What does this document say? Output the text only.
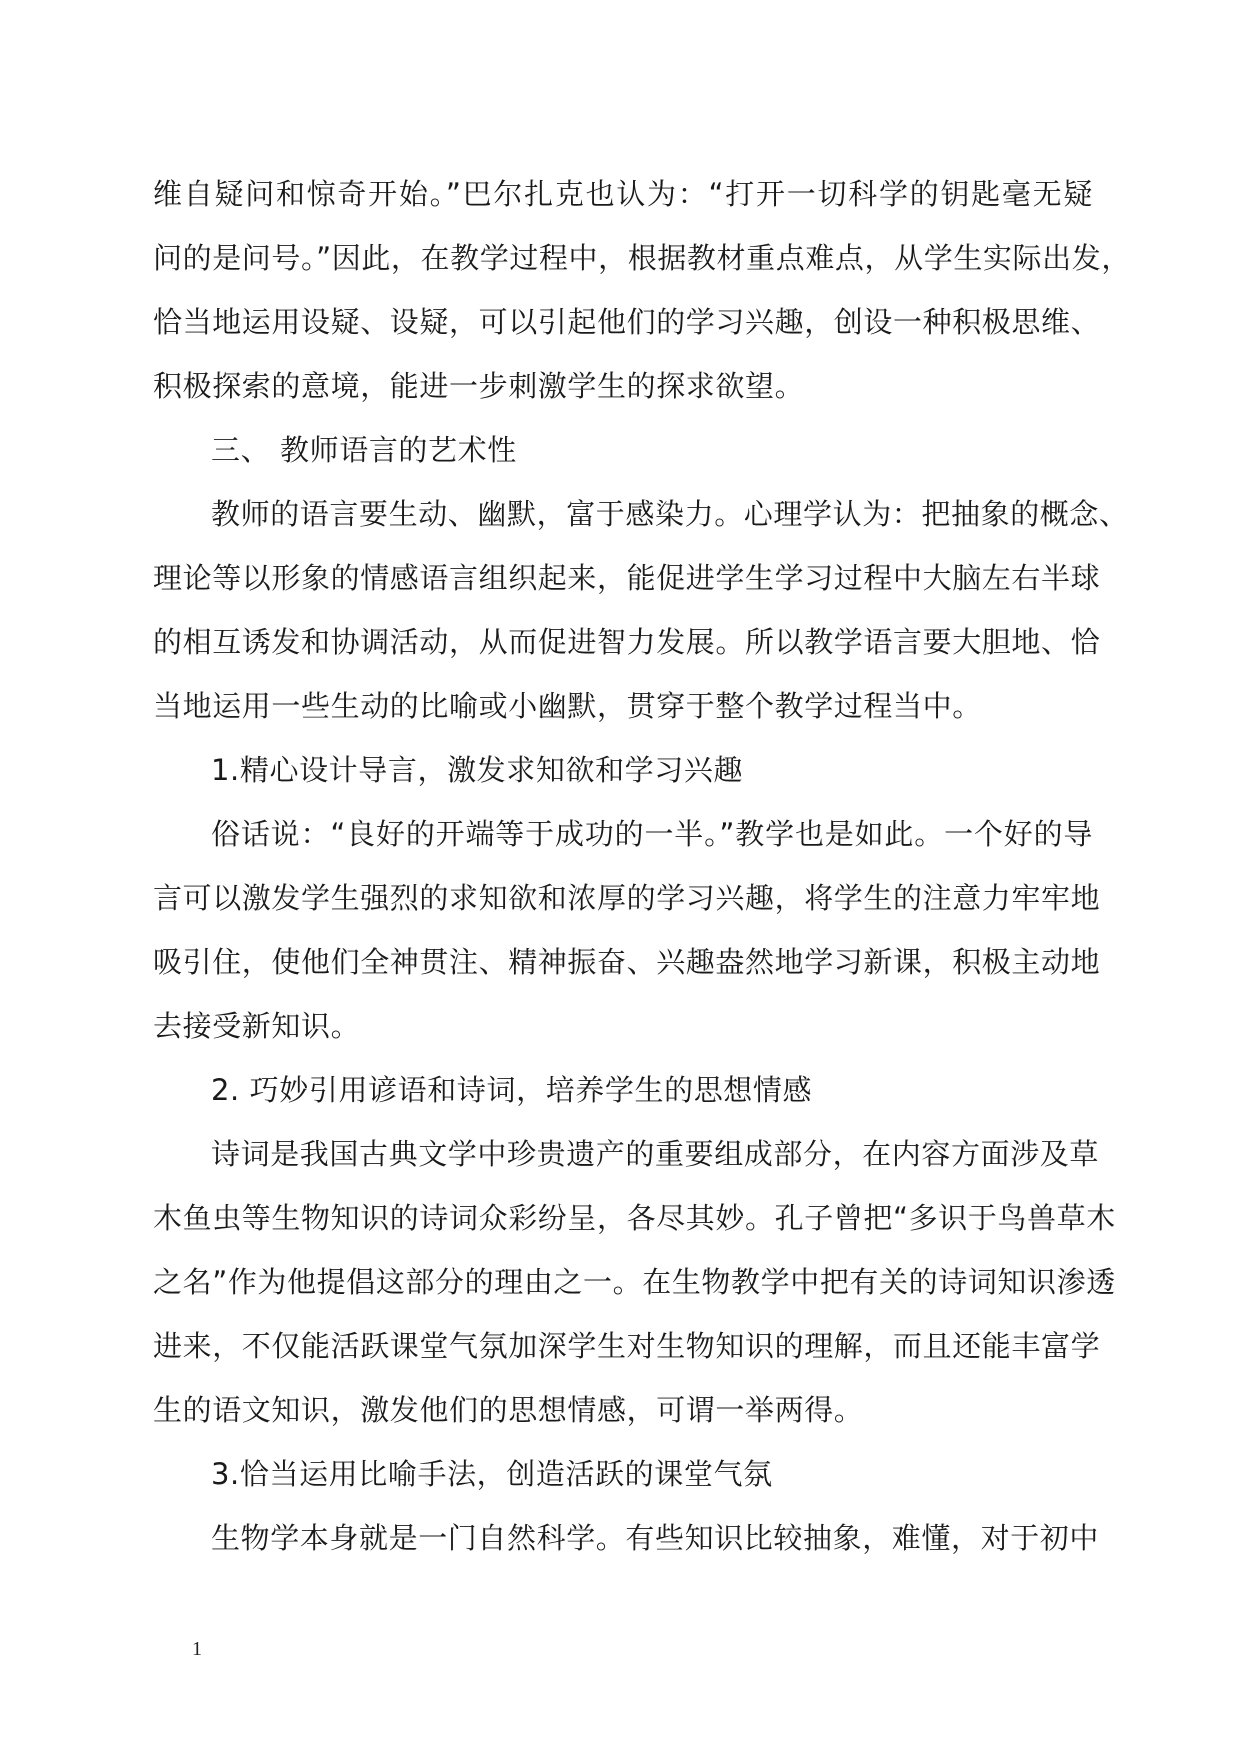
维自疑问和惊奇开始。”巴尔扎克也认为：“打开一切科学的钥匙毫无疑
问的是问号。”因此，在教学过程中，根据教材重点难点，从学生实际出发，
恰当地运用设疑、设疑，可以引起他们的学习兴趣，创设一种积极思维、
积极探索的意境，能进一步刺激学生的探求欲望。
三、 教师语言的艺术性
教师的语言要生动、幽默，富于感染力。心理学认为：把抽象的概念、
理论等以形象的情感语言组织起来，能促进学生学习过程中大脑左右半球
的相互诱发和协调活动，从而促进智力发展。所以教学语言要大胆地、恰
当地运用一些生动的比喻或小幽默，贯穿于整个教学过程当中。
1.精心设计导言，激发求知欲和学习兴趣
俗话说：“良好的开端等于成功的一半。”教学也是如此。一个好的导
言可以激发学生强烈的求知欲和浓厚的学习兴趣，将学生的注意力牢牢地
吸引住，使他们全神贯注、精神振奋、兴趣盎然地学习新课，积极主动地
去接受新知识。
2. 巧妙引用谚语和诗词，培养学生的思想情感
诗词是我国古典文学中珍贵遗产的重要组成部分，在内容方面涉及草
木鱼虫等生物知识的诗词众彩纷呈，各尽其妙。孔子曾把“多识于鸟兽草木
之名”作为他提倡这部分的理由之一。在生物教学中把有关的诗词知识渗透
进来，不仅能活跃课堂气氛加深学生对生物知识的理解，而且还能丰富学
生的语文知识，激发他们的思想情感，可谓一举两得。
3.恰当运用比喻手法，创造活跃的课堂气氛
生物学本身就是一门自然科学。有些知识比较抽象，难懂，对于初中
1
